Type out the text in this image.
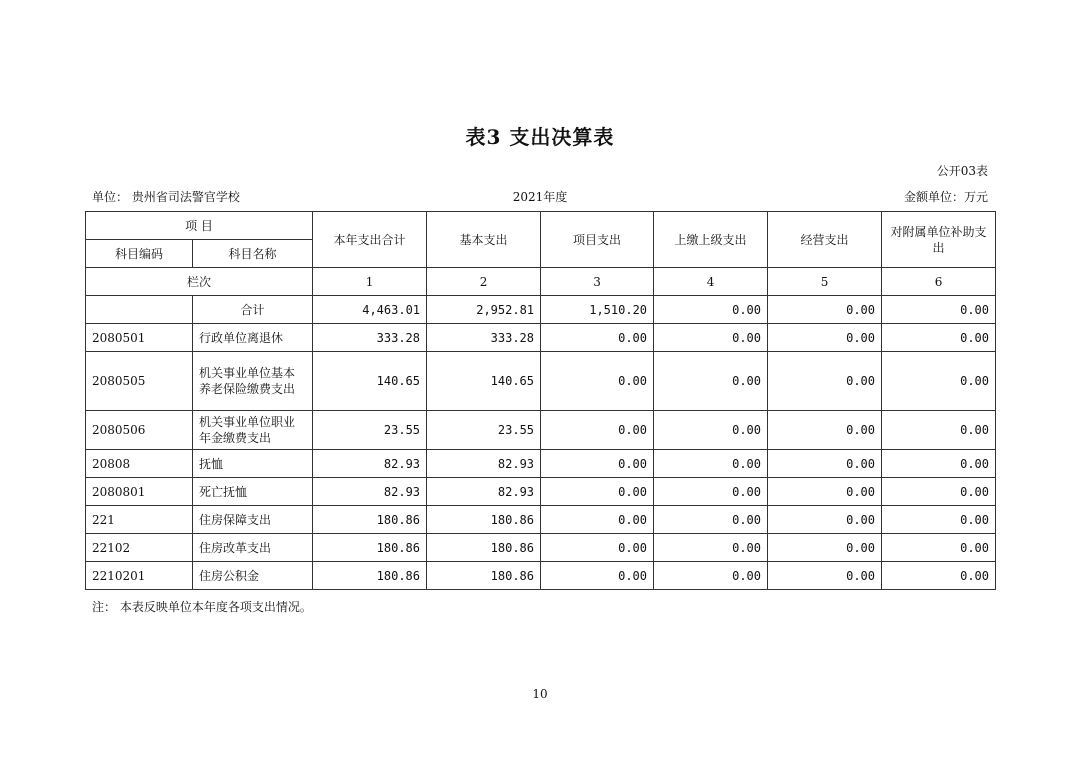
表3 支出决算表
公开03表
单位： 贵州省司法警官学校	2021年度	金额单位：万元
项 目		本年支出合计	基本支出	项目支出	上缴上级支出	经营支出	对附属单位补助支出
科目编码	科目名称						
栏次		1	2	3	4	5	6
	合计	4,463.01	2,952.81	1,510.20	0.00	0.00	0.00
2080501	行政单位离退休	333.28	333.28	0.00	0.00	0.00	0.00
2080505	机关事业单位基本养老保险缴费支出	140.65	140.65	0.00	0.00	0.00	0.00
2080506	机关事业单位职业年金缴费支出	23.55	23.55	0.00	0.00	0.00	0.00
20808	抚恤	82.93	82.93	0.00	0.00	0.00	0.00
2080801	死亡抚恤	82.93	82.93	0.00	0.00	0.00	0.00
221	住房保障支出	180.86	180.86	0.00	0.00	0.00	0.00
22102	住房改革支出	180.86	180.86	0.00	0.00	0.00	0.00
2210201	住房公积金	180.86	180.86	0.00	0.00	0.00	0.00
注： 本表反映单位本年度各项支出情况。
10
